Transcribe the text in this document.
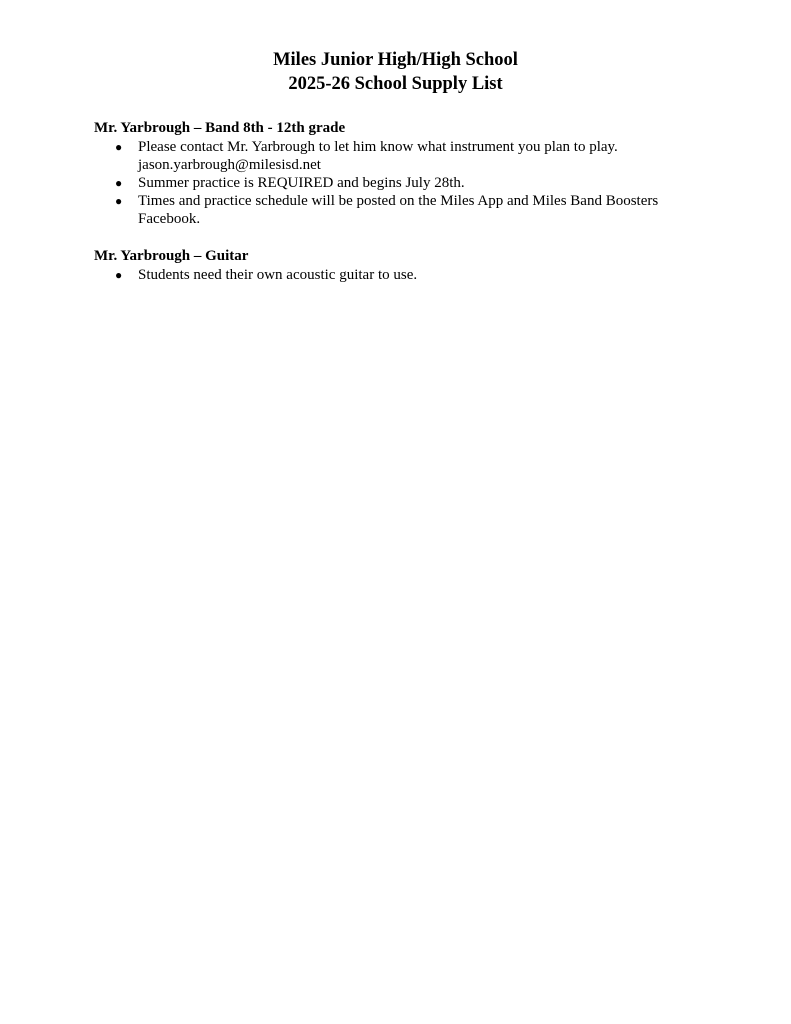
Miles Junior High/High School

2025-26 School Supply List

Mr. Yarbrough – Band 8th - 12th grade

● Please contact Mr. Yarbrough to let him know what instrument you plan to play.
jason.yarbrough@milesisd.net
● Summer practice is REQUIRED and begins July 28th.
● Times and practice schedule will be posted on the Miles App and Miles Band Boosters
Facebook.

Mr. Yarbrough – Guitar

● Students need their own acoustic guitar to use.
